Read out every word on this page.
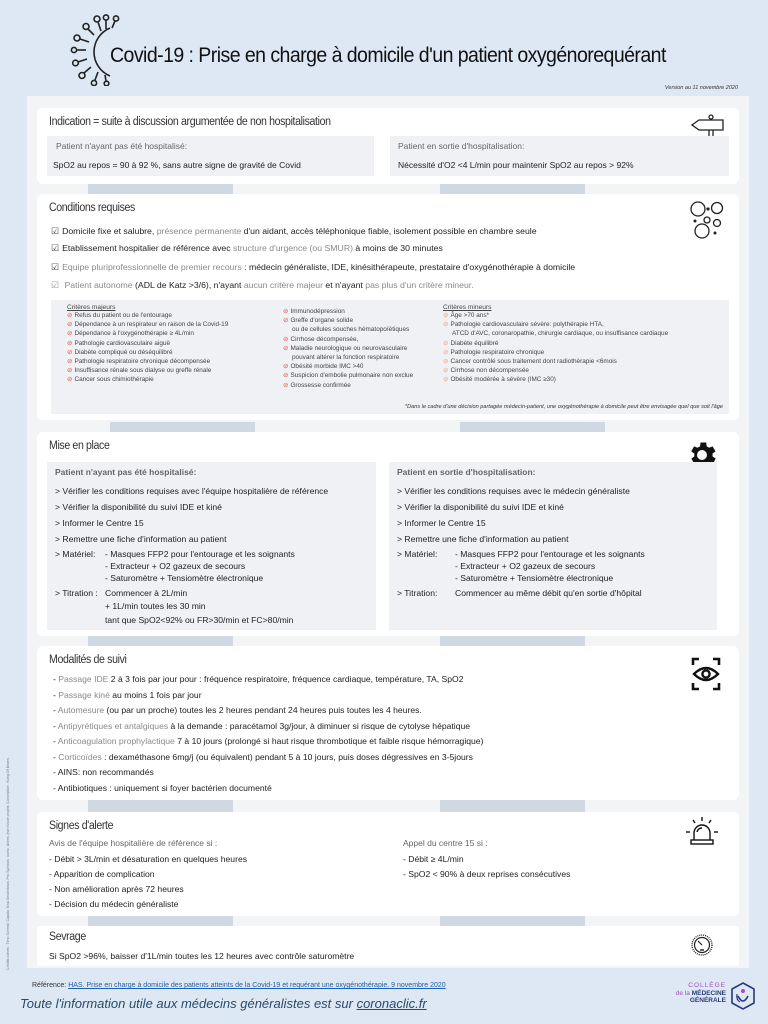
Covid-19 : Prise en charge à domicile d'un patient oxygénorequérant
Version au 11 novembre 2020
Indication = suite à discussion argumentée de non hospitalisation
Patient n'ayant pas été hospitalisé:
SpO2 au repos = 90 à 92 %, sans autre signe de gravité de Covid
Patient en sortie d'hospitalisation:
Nécessité d'O2 <4 L/min pour maintenir SpO2 au repos > 92%
Conditions requises
☑ Domicile fixe et salubre, présence permanente d'un aidant, accès téléphonique fiable, isolement possible en chambre seule
☑ Etablissement hospitalier de référence avec structure d'urgence (ou SMUR) à moins de 30 minutes
☑ Equipe pluriprofessionnelle de premier recours : médecin généraliste, IDE, kinésithérapeute, prestataire d'oxygénothérapie à domicile
☑ Patient autonome (ADL de Katz >3/6), n'ayant aucun critère majeur et n'ayant pas plus d'un critère mineur.
Critères majeurs
⊘ Refus du patient ou de l'entourage
⊘ Dépendance à un respirateur en raison de la Covid-19
⊘ Dépendance à l'oxygénothérapie ≥ 4L/min
⊘ Pathologie cardiovasculaire aiguë
⊘ Diabète compliqué ou déséquilibré
⊘ Pathologie respiratoire chronique décompensée
⊘ Insuffisance rénale sous dialyse ou greffe rénale
⊘ Cancer sous chimiothérapie
⊘ Immunodépression
⊘ Greffe d'organe solide
ou de cellules souches hématopoïétiques
⊘ Cirrhose décompensée,
⊘ Maladie neurologique ou neurovasculaire
pouvant altérer la fonction respiratoire
⊘ Obésité morbide IMC >40
⊘ Suspicion d'embolie pulmonaire non exclue
⊘ Grossesse confirmée
Critères mineurs
⊘ Âge >70 ans*
⊘ Pathologie cardiovasculaire sévère: polythérapie HTA,
ATCD d'AVC, coronaropathie, chirurgie cardiaque, ou insuffisance cardiaque
⊘ Diabète équilibré
⊘ Pathologie respiratoire chronique
⊘ Cancer contrôlé sous traitement dont radiothérapie <6mois
⊘ Cirrhose non décompensée
⊘ Obésité modérée à sévère (IMC ≥30)
*Dans le cadre d'une décision partagée médecin-patient, une oxygénothérapie à domicile peut être envisagée quel que soit l'âge
Mise en place
Patient n'ayant pas été hospitalisé:
> Vérifier les conditions requises avec l'équipe hospitalière de référence
> Vérifier la disponibilité du suivi IDE et kiné
> Informer le Centre 15
> Remettre une fiche d'information au patient
> Matériel: - Masques FFP2 pour l'entourage et les soignants
- Extracteur + O2 gazeux de secours
- Saturomètre + Tensiomètre électronique
> Titration : Commencer à 2L/min
+ 1L/min toutes les 30 min
tant que SpO2<92% ou FR>30/min et FC>80/min
Patient en sortie d'hospitalisation:
> Vérifier les conditions requises avec le médecin généraliste
> Vérifier la disponibilité du suivi IDE et kiné
> Informer le Centre 15
> Remettre une fiche d'information au patient
> Matériel: - Masques FFP2 pour l'entourage et les soignants
- Extracteur + O2 gazeux de secours
- Saturomètre + Tensiomètre électronique
> Titration: Commencer au même débit qu'en sortie d'hôpital
Modalités de suivi
- Passage IDE 2 à 3 fois par jour pour : fréquence respiratoire, fréquence cardiaque, température, TA, SpO2
- Passage kiné au moins 1 fois par jour
- Automesure (ou par un proche) toutes les 2 heures pendant 24 heures puis toutes les 4 heures.
- Antipyrétiques et antalgiques à la demande : paracétamol 3g/jour, à diminuer si risque de cytolyse hépatique
- Anticoagulation prophylactique 7 à 10 jours (prolongé si haut risque thrombotique et faible risque hémorragique)
- Corticoïdes : dexaméthasone 6mg/j (ou équivalent) pendant 5 à 10 jours, puis doses dégressives en 3-5jours
- AINS: non recommandés
- Antibiotiques : uniquement si foyer bactérien documenté
Signes d'alerte
Avis de l'équipe hospitalière de référence si :
- Débit > 3L/min et désaturation en quelques heures
- Apparition de complication
- Non amélioration après 72 heures
- Décision du médecin généraliste
Appel du centre 15 si :
- Débit ≥ 4L/min
- SpO2 < 90% à deux reprises consécutives
Sevrage
Si SpO2 >96%, baisser d'1L/min toutes les 12 heures avec contrôle saturomètre
Crédits icônes : Timo Schmid, Capalo, Kiva Smolnikova, Pro Symbols, iconic, Aliens, jhon Nicoe project. Conception : Kong Of Beans
Référence: HAS. Prise en charge à domicile des patients atteints de la Covid-19 et requérant une oxygénothérapie. 9 novembre 2020
Toute l'information utile aux médecins généralistes est sur coronaclic.fr
COLLÈGE
de la MÉDECINE
GÉNÉRALE
